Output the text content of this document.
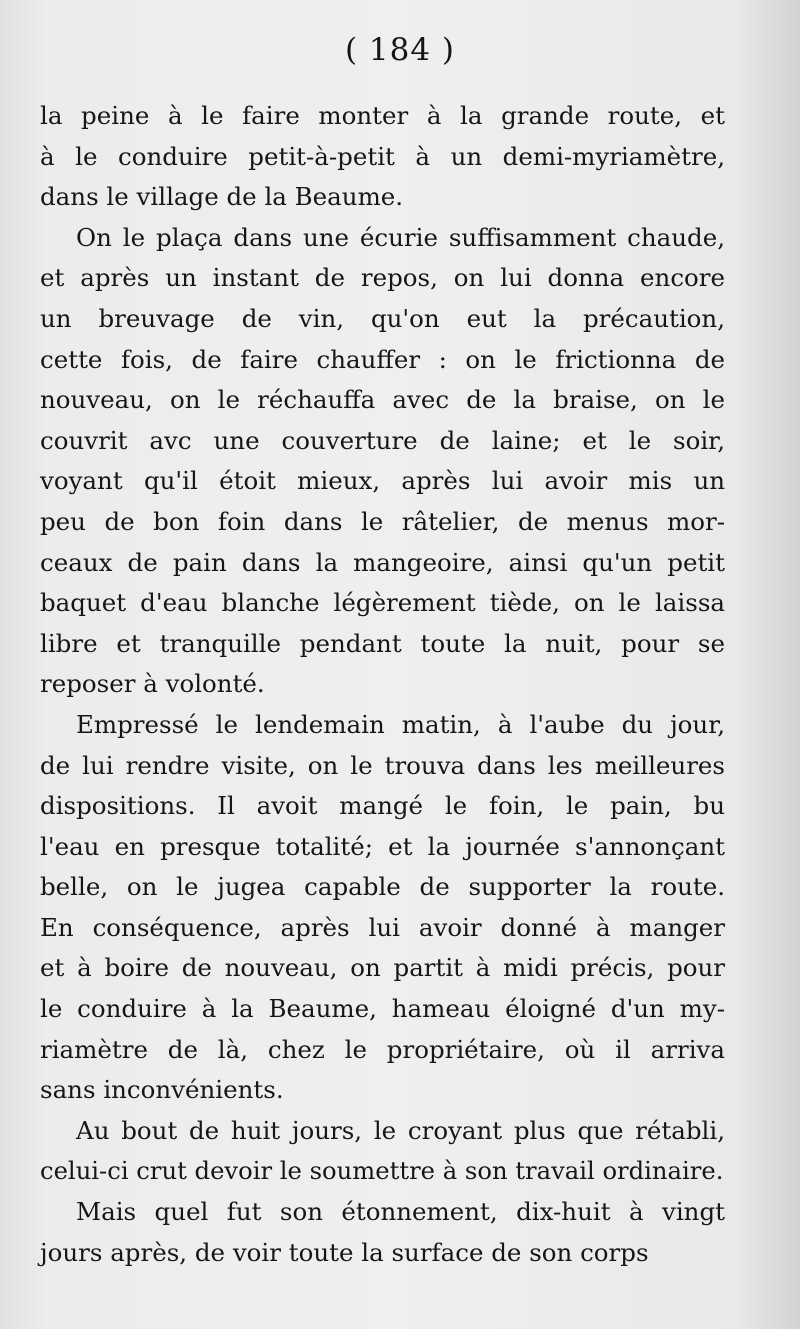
( 184 )
la peine à le faire monter à la grande route, et
à le conduire petit-à-petit à un demi-myriamètre,
dans le village de la Beaume.
On le plaça dans une écurie suffisamment chaude,
et après un instant de repos, on lui donna encore
un breuvage de vin, qu'on eut la précaution,
cette fois, de faire chauffer : on le frictionna de
nouveau, on le réchauffa avec de la braise, on le
couvrit avc une couverture de laine; et le soir,
voyant qu'il étoit mieux, après lui avoir mis un
peu de bon foin dans le râtelier, de menus mor-
ceaux de pain dans la mangeoire, ainsi qu'un petit
baquet d'eau blanche légèrement tiède, on le laissa
libre et tranquille pendant toute la nuit, pour se
reposer à volonté.
Empressé le lendemain matin, à l'aube du jour,
de lui rendre visite, on le trouva dans les meilleures
dispositions. Il avoit mangé le foin, le pain, bu
l'eau en presque totalité; et la journée s'annonçant
belle, on le jugea capable de supporter la route.
En conséquence, après lui avoir donné à manger
et à boire de nouveau, on partit à midi précis, pour
le conduire à la Beaume, hameau éloigné d'un my-
riamètre de là, chez le propriétaire, où il arriva
sans inconvénients.
Au bout de huit jours, le croyant plus que rétabli,
celui-ci crut devoir le soumettre à son travail ordinaire.
Mais quel fut son étonnement, dix-huit à vingt
jours après, de voir toute la surface de son corps
